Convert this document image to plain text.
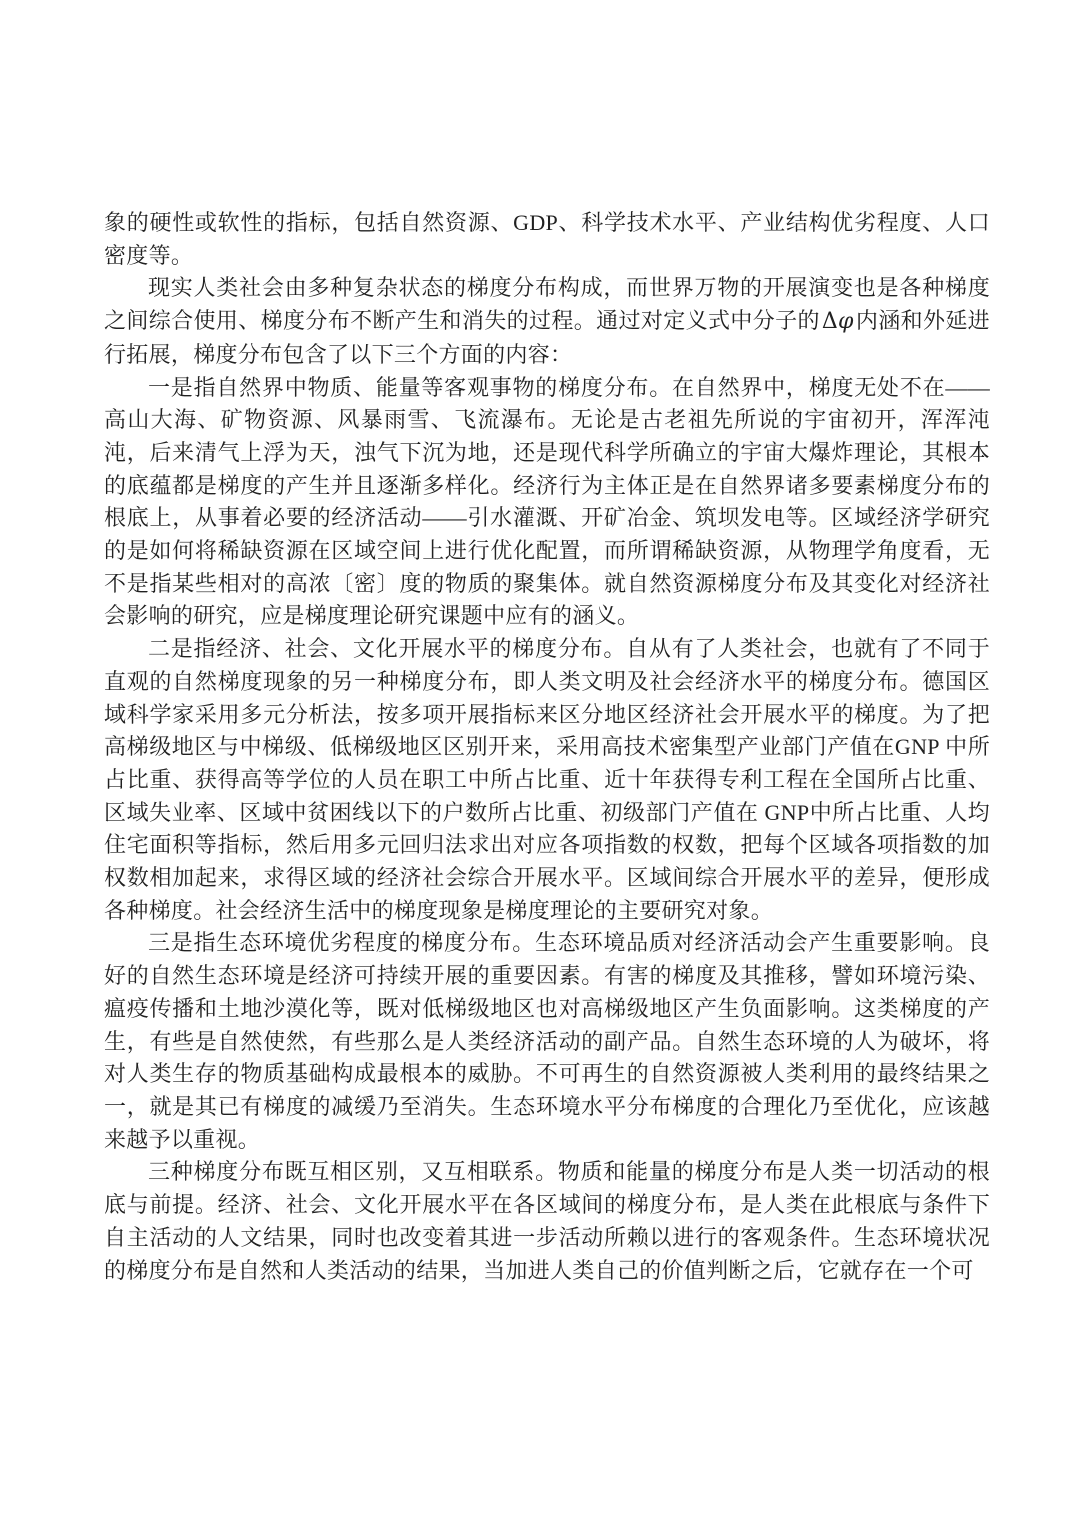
象的硬性或软性的指标，包括自然资源、GDP、科学技术水平、产业结构优劣程度、人口密度等。

现实人类社会由多种复杂状态的梯度分布构成，而世界万物的开展演变也是各种梯度之间综合使用、梯度分布不断产生和消失的过程。通过对定义式中分子的Δφ内涵和外延进行拓展，梯度分布包含了以下三个方面的内容：

一是指自然界中物质、能量等客观事物的梯度分布。在自然界中，梯度无处不在——高山大海、矿物资源、风暴雨雪、飞流瀑布。无论是古老祖先所说的宇宙初开，浑浑沌沌，后来清气上浮为天，浊气下沉为地，还是现代科学所确立的宇宙大爆炸理论，其根本的底蕴都是梯度的产生并且逐渐多样化。经济行为主体正是在自然界诸多要素梯度分布的根底上，从事着必要的经济活动——引水灌溉、开矿冶金、筑坝发电等。区域经济学研究的是如何将稀缺资源在区域空间上进行优化配置，而所谓稀缺资源，从物理学角度看，无不是指某些相对的高浓〔密〕度的物质的聚集体。就自然资源梯度分布及其变化对经济社会影响的研究，应是梯度理论研究课题中应有的涵义。

二是指经济、社会、文化开展水平的梯度分布。自从有了人类社会，也就有了不同于直观的自然梯度现象的另一种梯度分布，即人类文明及社会经济水平的梯度分布。德国区域科学家采用多元分析法，按多项开展指标来区分地区经济社会开展水平的梯度。为了把高梯级地区与中梯级、低梯级地区区别开来，采用高技术密集型产业部门产值在GNP 中所占比重、获得高等学位的人员在职工中所占比重、近十年获得专利工程在全国所占比重、区域失业率、区域中贫困线以下的户数所占比重、初级部门产值在 GNP中所占比重、人均住宅面积等指标，然后用多元回归法求出对应各项指数的权数，把每个区域各项指数的加权数相加起来，求得区域的经济社会综合开展水平。区域间综合开展水平的差异，便形成各种梯度。社会经济生活中的梯度现象是梯度理论的主要研究对象。

三是指生态环境优劣程度的梯度分布。生态环境品质对经济活动会产生重要影响。良好的自然生态环境是经济可持续开展的重要因素。有害的梯度及其推移，譬如环境污染、瘟疫传播和土地沙漠化等，既对低梯级地区也对高梯级地区产生负面影响。这类梯度的产生，有些是自然使然，有些那么是人类经济活动的副产品。自然生态环境的人为破坏，将对人类生存的物质基础构成最根本的威胁。不可再生的自然资源被人类利用的最终结果之一，就是其已有梯度的减缓乃至消失。生态环境水平分布梯度的合理化乃至优化，应该越来越予以重视。

三种梯度分布既互相区别，又互相联系。物质和能量的梯度分布是人类一切活动的根底与前提。经济、社会、文化开展水平在各区域间的梯度分布，是人类在此根底与条件下自主活动的人文结果，同时也改变着其进一步活动所赖以进行的客观条件。生态环境状况的梯度分布是自然和人类活动的结果，当加进人类自己的价值判断之后，它就存在一个可
